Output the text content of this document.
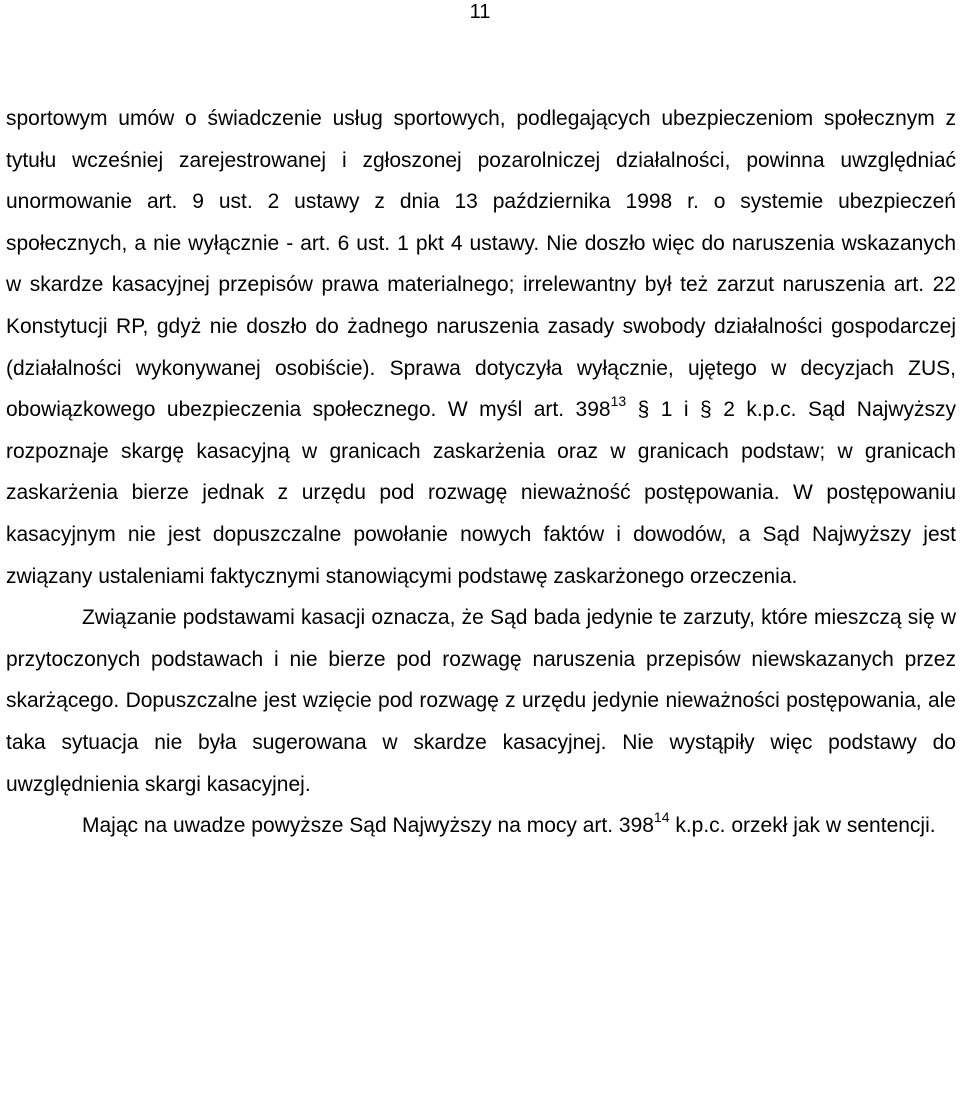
11

sportowym umów o świadczenie usług sportowych, podlegających ubezpieczeniom społecznym z tytułu wcześniej zarejestrowanej i zgłoszonej pozarolniczej działalności, powinna uwzględniać unormowanie art. 9 ust. 2 ustawy z dnia 13 października 1998 r. o systemie ubezpieczeń społecznych, a nie wyłącznie - art. 6 ust. 1 pkt 4 ustawy. Nie doszło więc do naruszenia wskazanych w skardze kasacyjnej przepisów prawa materialnego; irrelewantny był też zarzut naruszenia art. 22 Konstytucji RP, gdyż nie doszło do żadnego naruszenia zasady swobody działalności gospodarczej (działalności wykonywanej osobiście). Sprawa dotyczyła wyłącznie, ujętego w decyzjach ZUS, obowiązkowego ubezpieczenia społecznego. W myśl art. $398^{13}$ § 1 i § 2 k.p.c. Sąd Najwyższy rozpoznaje skargę kasacyjną w granicach zaskarżenia oraz w granicach podstaw; w granicach zaskarżenia bierze jednak z urzędu pod rozwagę nieważność postępowania. W postępowaniu kasacyjnym nie jest dopuszczalne powołanie nowych faktów i dowodów, a Sąd Najwyższy jest związany ustaleniami faktycznymi stanowiącymi podstawę zaskarżonego orzeczenia.

Związanie podstawami kasacji oznacza, że Sąd bada jedynie te zarzuty, które mieszczą się w przytoczonych podstawach i nie bierze pod rozwagę naruszenia przepisów niewskazanych przez skarżącego. Dopuszczalne jest wzięcie pod rozwagę z urzędu jedynie nieważności postępowania, ale taka sytuacja nie była sugerowana w skardze kasacyjnej. Nie wystąpiły więc podstawy do uwzględnienia skargi kasacyjnej.

Mając na uwadze powyższe Sąd Najwyższy na mocy art. $398^{14}$ k.p.c. orzekł jak w sentencji.
